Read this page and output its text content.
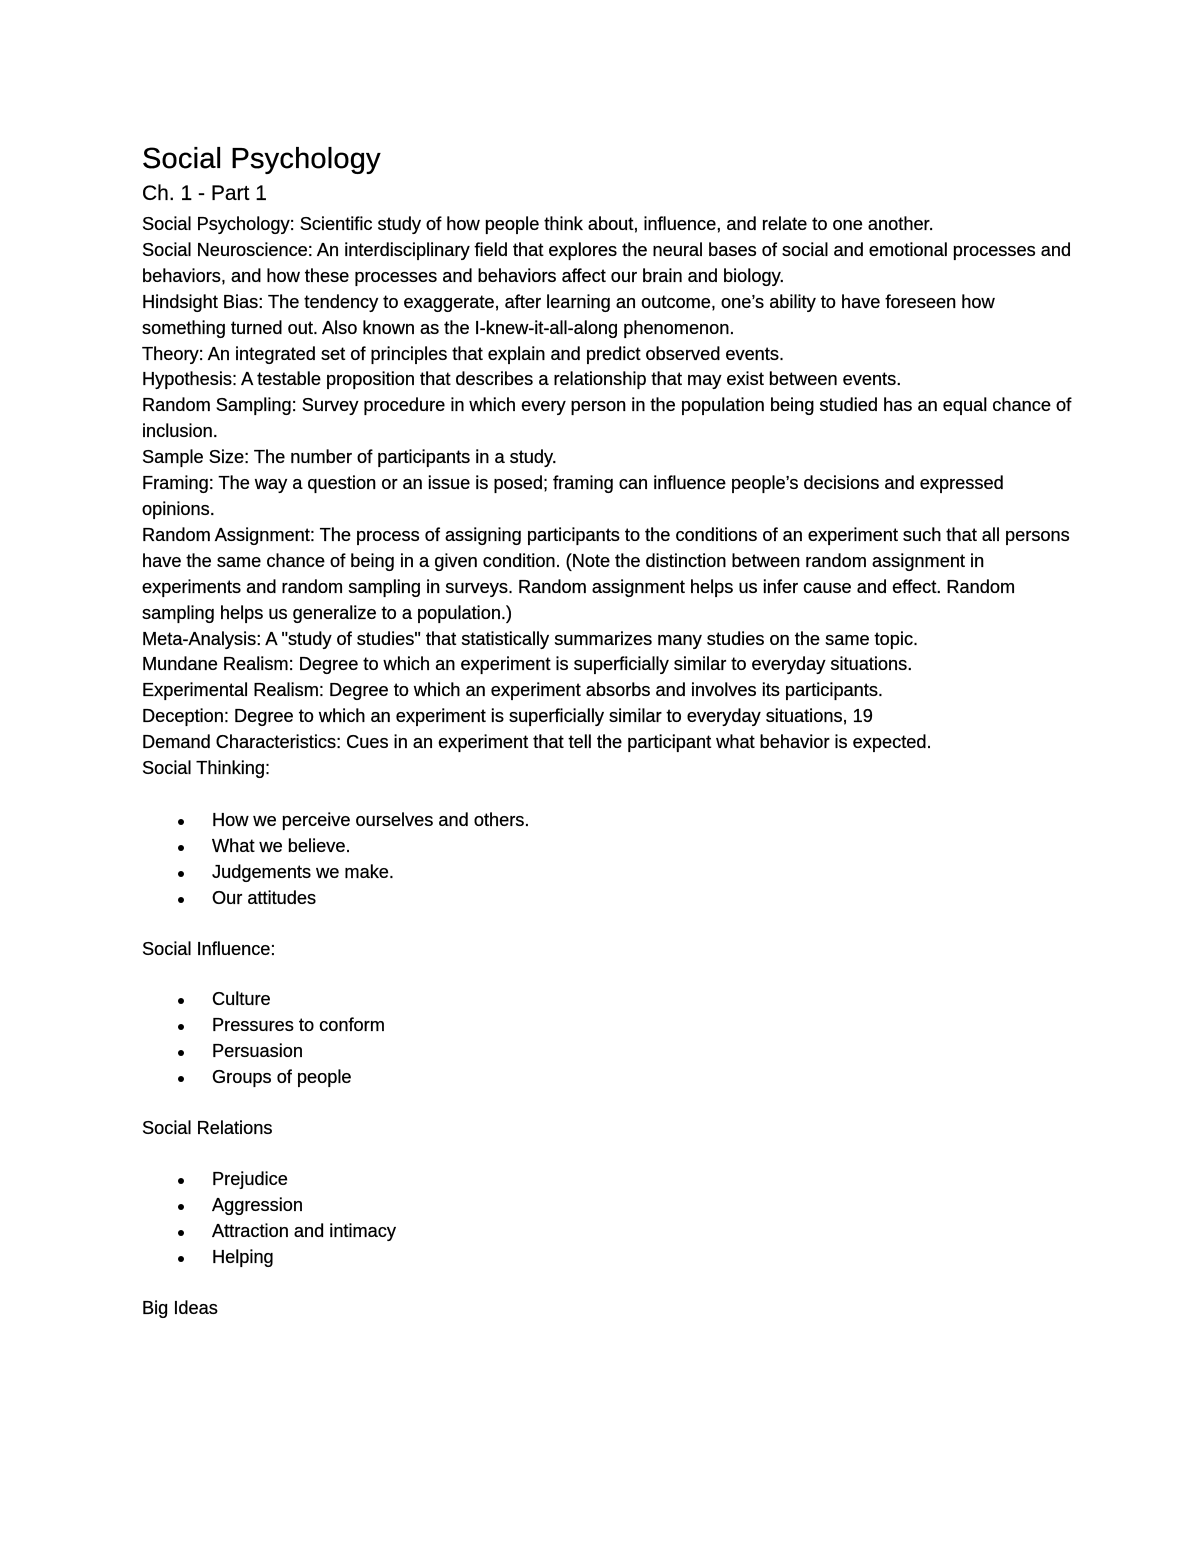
Social Psychology
Ch. 1 - Part 1

Social Psychology: Scientific study of how people think about, influence, and relate to one another.

Social Neuroscience: An interdisciplinary field that explores the neural bases of social and emotional processes and behaviors, and how these processes and behaviors affect our brain and biology.

Hindsight Bias: The tendency to exaggerate, after learning an outcome, one’s ability to have foreseen how something turned out. Also known as the I-knew-it-all-along phenomenon.

Theory: An integrated set of principles that explain and predict observed events.

Hypothesis: A testable proposition that describes a relationship that may exist between events.

Random Sampling: Survey procedure in which every person in the population being studied has an equal chance of inclusion.

Sample Size: The number of participants in a study.

Framing: The way a question or an issue is posed; framing can influence people’s decisions and expressed opinions.

Random Assignment: The process of assigning participants to the conditions of an experiment such that all persons have the same chance of being in a given condition. (Note the distinction between random assignment in experiments and random sampling in surveys. Random assignment helps us infer cause and effect. Random sampling helps us generalize to a population.)

Meta-Analysis: A "study of studies" that statistically summarizes many studies on the same topic.

Mundane Realism: Degree to which an experiment is superficially similar to everyday situations.

Experimental Realism: Degree to which an experiment absorbs and involves its participants.

Deception: Degree to which an experiment is superficially similar to everyday situations, 19

Demand Characteristics: Cues in an experiment that tell the participant what behavior is expected.

Social Thinking:

How we perceive ourselves and others.
What we believe.
Judgements we make.
Our attitudes

Social Influence:

Culture
Pressures to conform
Persuasion
Groups of people

Social Relations

Prejudice
Aggression
Attraction and intimacy
Helping

Big Ideas
